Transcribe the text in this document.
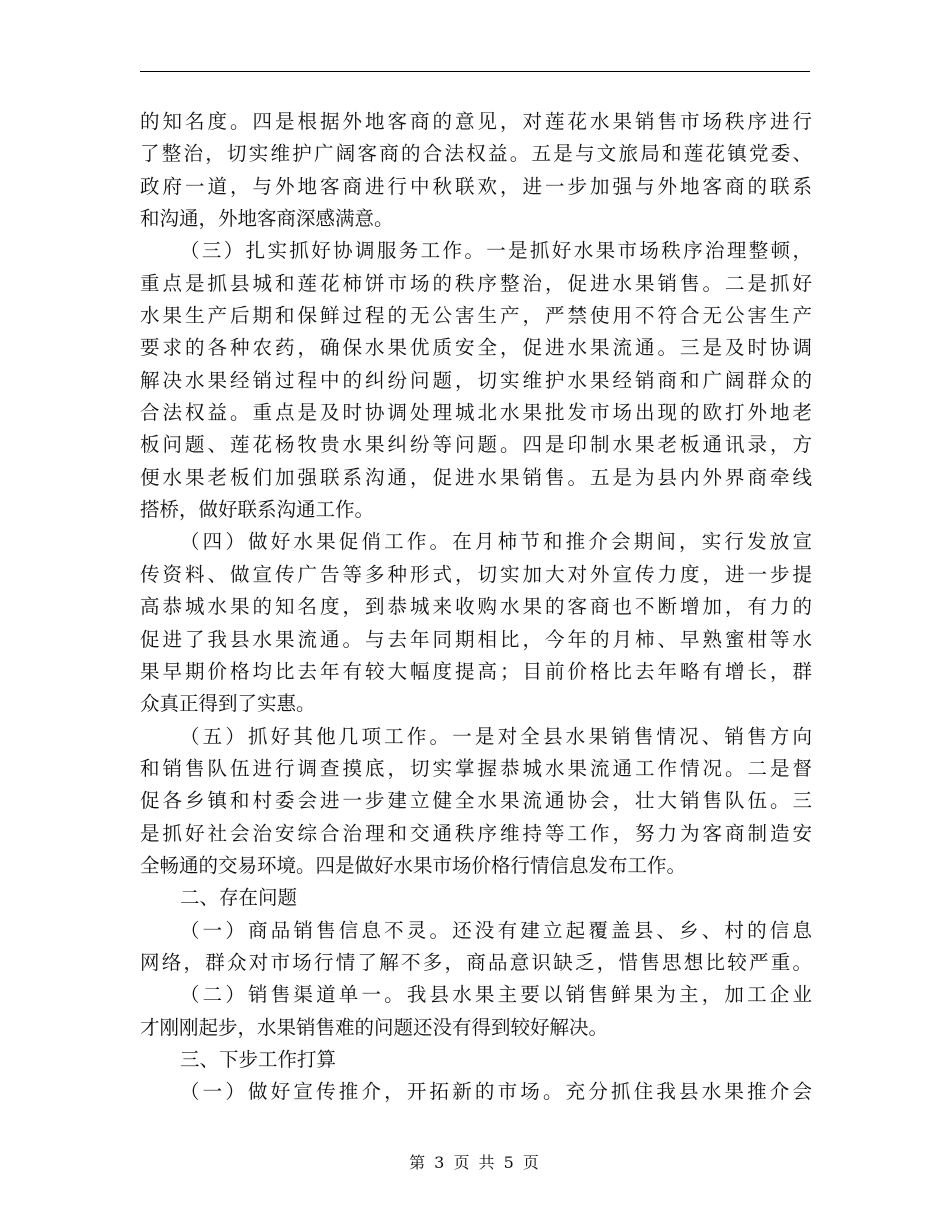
的知名度。四是根据外地客商的意见，对莲花水果销售市场秩序进行
了整治，切实维护广阔客商的合法权益。五是与文旅局和莲花镇党委、
政府一道，与外地客商进行中秋联欢，进一步加强与外地客商的联系
和沟通，外地客商深感满意。
（三）扎实抓好协调服务工作。一是抓好水果市场秩序治理整顿，
重点是抓县城和莲花柿饼市场的秩序整治，促进水果销售。二是抓好
水果生产后期和保鲜过程的无公害生产，严禁使用不符合无公害生产
要求的各种农药，确保水果优质安全，促进水果流通。三是及时协调
解决水果经销过程中的纠纷问题，切实维护水果经销商和广阔群众的
合法权益。重点是及时协调处理城北水果批发市场出现的欧打外地老
板问题、莲花杨牧贵水果纠纷等问题。四是印制水果老板通讯录，方
便水果老板们加强联系沟通，促进水果销售。五是为县内外界商牵线
搭桥，做好联系沟通工作。
（四）做好水果促俏工作。在月柿节和推介会期间，实行发放宣
传资料、做宣传广告等多种形式，切实加大对外宣传力度，进一步提
高恭城水果的知名度，到恭城来收购水果的客商也不断增加，有力的
促进了我县水果流通。与去年同期相比，今年的月柿、早熟蜜柑等水
果早期价格均比去年有较大幅度提高；目前价格比去年略有增长，群
众真正得到了实惠。
（五）抓好其他几项工作。一是对全县水果销售情况、销售方向
和销售队伍进行调查摸底，切实掌握恭城水果流通工作情况。二是督
促各乡镇和村委会进一步建立健全水果流通协会，壮大销售队伍。三
是抓好社会治安综合治理和交通秩序维持等工作，努力为客商制造安
全畅通的交易环境。四是做好水果市场价格行情信息发布工作。
二、存在问题
（一）商品销售信息不灵。还没有建立起覆盖县、乡、村的信息
网络，群众对市场行情了解不多，商品意识缺乏，惜售思想比较严重。
（二）销售渠道单一。我县水果主要以销售鲜果为主，加工企业
才刚刚起步，水果销售难的问题还没有得到较好解决。
三、下步工作打算
（一）做好宣传推介，开拓新的市场。充分抓住我县水果推介会
第 3 页 共 5 页
